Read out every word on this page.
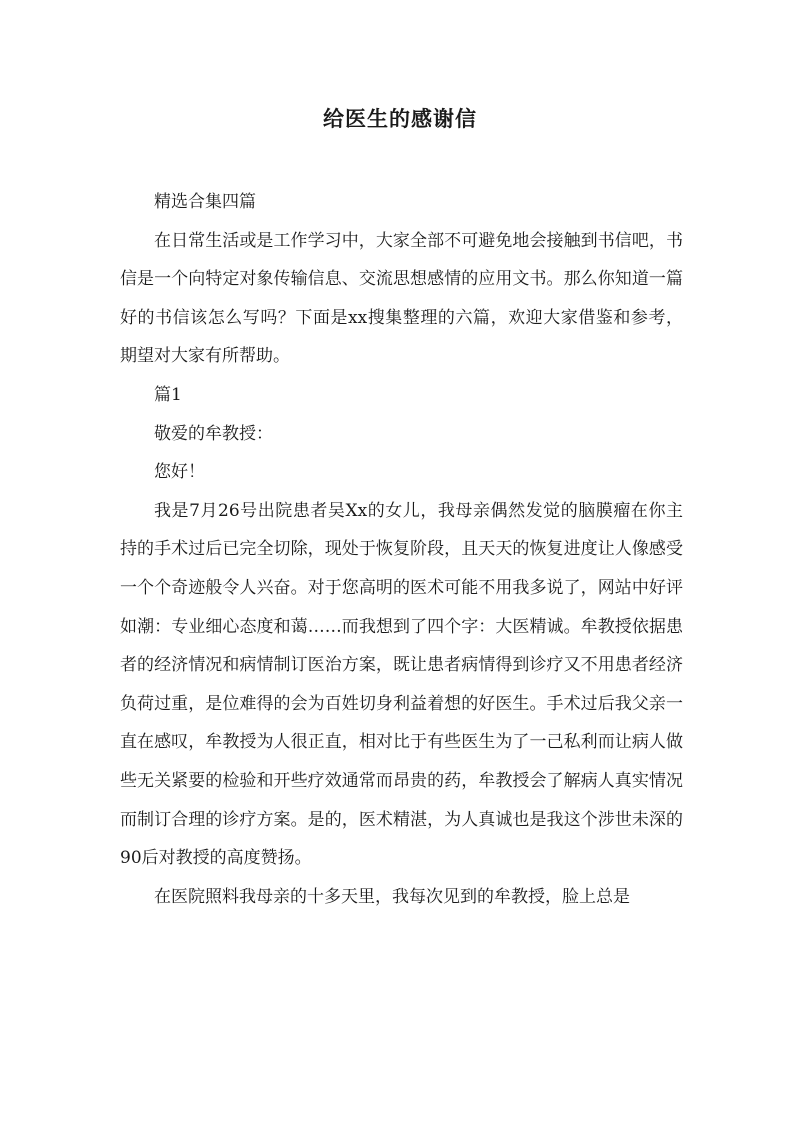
给医生的感谢信

精选合集四篇

在日常生活或是工作学习中，大家全部不可避免地会接触到书信吧，书信是一个向特定对象传输信息、交流思想感情的应用文书。那么你知道一篇好的书信该怎么写吗？下面是xx搜集整理的六篇，欢迎大家借鉴和参考，期望对大家有所帮助。

篇1

敬爱的牟教授：

您好！

我是7月26号出院患者吴Xx的女儿，我母亲偶然发觉的脑膜瘤在你主持的手术过后已完全切除，现处于恢复阶段，且天天的恢复进度让人像感受一个个奇迹般令人兴奋。对于您高明的医术可能不用我多说了，网站中好评如潮：专业细心态度和蔼……而我想到了四个字：大医精诚。牟教授依据患者的经济情况和病情制订医治方案，既让患者病情得到诊疗又不用患者经济负荷过重，是位难得的会为百姓切身利益着想的好医生。手术过后我父亲一直在感叹，牟教授为人很正直，相对比于有些医生为了一己私利而让病人做些无关紧要的检验和开些疗效通常而昂贵的药，牟教授会了解病人真实情况而制订合理的诊疗方案。是的，医术精湛，为人真诚也是我这个涉世未深的90后对教授的高度赞扬。

在医院照料我母亲的十多天里，我每次见到的牟教授，脸上总是
